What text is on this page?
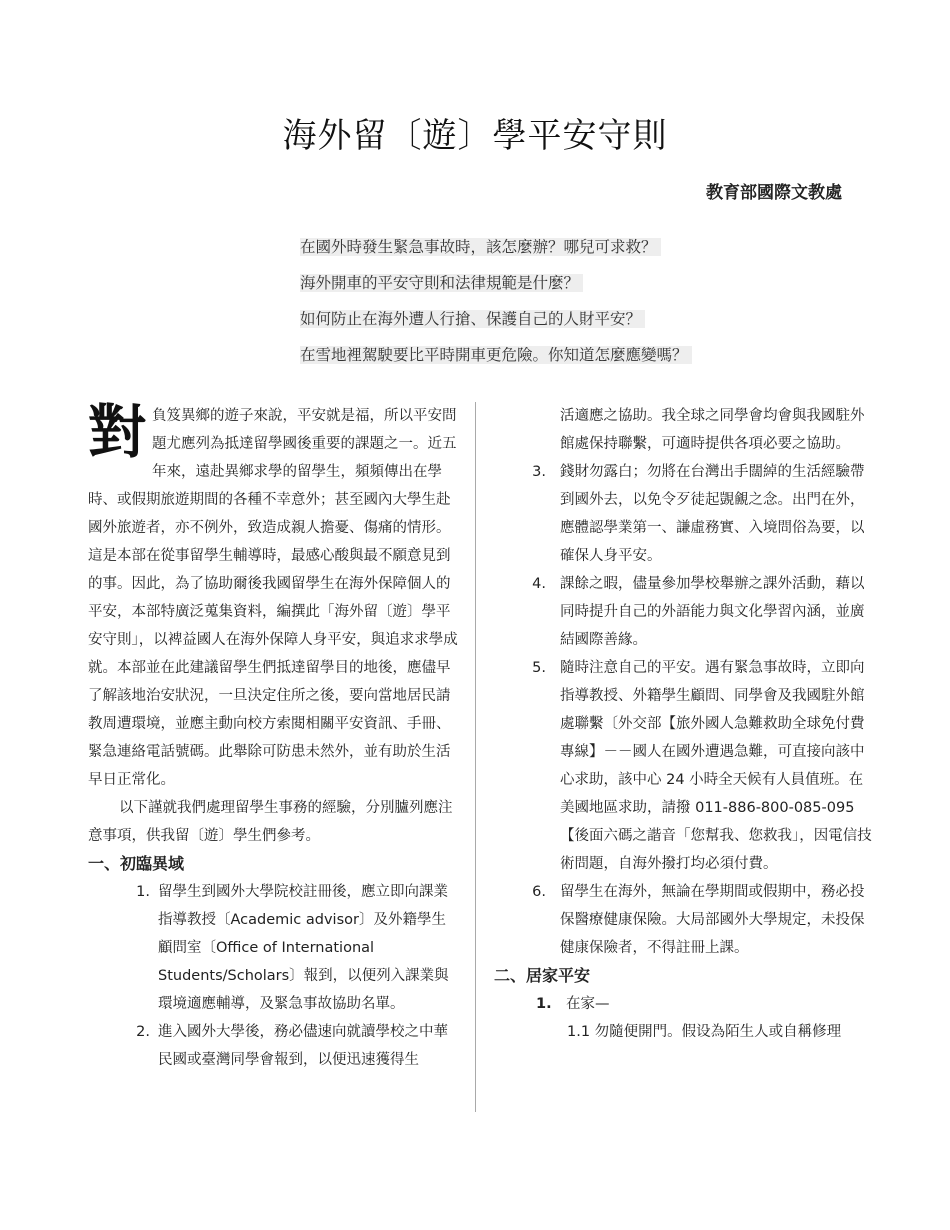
海外留〔遊〕學平安守則
教育部國際文教處
在國外時發生緊急事故時，該怎麼辦？哪兒可求救？
海外開車的平安守則和法律規範是什麼？
如何防止在海外遭人行搶、保護自己的人財平安？
在雪地裡駕駛要比平時開車更危險。你知道怎麼應變嗎？

對負笈異鄉的遊子來說，平安就是福，所以平安問題尤應列為抵達留學國後重要的課題之一。近五年來，遠赴異鄉求學的留學生，頻頻傳出在學時、或假期旅遊期間的各種不幸意外；甚至國內大學生赴國外旅遊者，亦不例外，致造成親人擔憂、傷痛的情形。這是本部在從事留學生輔導時，最感心酸與最不願意見到的事。因此，為了協助爾後我國留學生在海外保障個人的平安，本部特廣泛蒐集資料，編撰此「海外留〔遊〕學平安守則」，以裨益國人在海外保障人身平安，與追求求學成就。本部並在此建議留學生們抵達留學目的地後，應儘早了解該地治安狀況，一旦決定住所之後，要向當地居民請教周遭環境，並應主動向校方索閱相關平安資訊、手冊、緊急連絡電話號碼。此舉除可防患未然外，並有助於生活早日正常化。

以下謹就我們處理留學生事務的經驗，分別臚列應注意事項，供我留〔遊〕學生們參考。

一、初臨異域
1. 留學生到國外大學院校註冊後，應立即向課業指導教授〔Academic advisor〕及外籍學生顧問室〔Office of International Students/Scholars〕報到，以便列入課業與環境適應輔導，及緊急事故協助名單。
2. 進入國外大學後，務必儘速向就讀學校之中華民國或臺灣同學會報到，以便迅速獲得生

活適應之協助。我全球之同學會均會與我國駐外館處保持聯繫，可適時提供各項必要之協助。

3. 錢財勿露白；勿將在台灣出手闊綽的生活經驗帶到國外去，以免令歹徒起覬覦之念。出門在外，應體認學業第一、謙虛務實、入境問俗為要，以確保人身平安。
4. 課餘之暇，儘量參加學校舉辦之課外活動，藉以同時提升自己的外語能力與文化學習內涵，並廣結國際善緣。
5. 隨時注意自己的平安。遇有緊急事故時，立即向指導教授、外籍學生顧問、同學會及我國駐外館處聯繫〔外交部【旅外國人急難救助全球免付費專線】－－國人在國外遭遇急難，可直接向該中心求助，該中心 24 小時全天候有人員值班。在美國地區求助，請撥 011-886-800-085-095【後面六碼之諧音「您幫我、您救我」，因電信技術問題，自海外撥打均必須付費。
6. 留學生在海外，無論在學期間或假期中，務必投保醫療健康保險。大局部國外大學規定，未投保健康保險者，不得註冊上課。
二、居家平安
1. 在家—
1.1 勿隨便開門。假设為陌生人或自稱修理
